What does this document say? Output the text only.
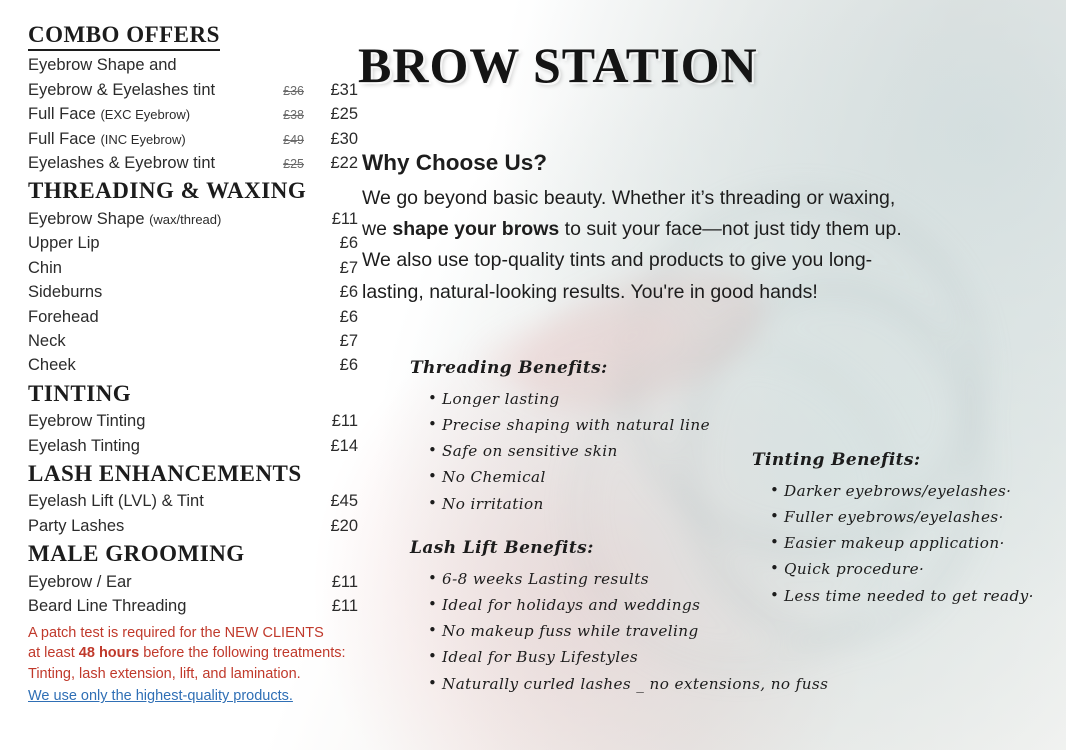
COMBO OFFERS
Eyebrow Shape and
Eyebrow & Eyelashes tint	£36	£31
Full Face (EXC Eyebrow)	£38	£25
Full Face (INC Eyebrow)	£49	£30
Eyelashes & Eyebrow tint	£25	£22
THREADING & WAXING
Eyebrow Shape (wax/thread)	£11
Upper Lip	£6
Chin	£7
Sideburns	£6
Forehead	£6
Neck	£7
Cheek	£6
TINTING
Eyebrow Tinting	£11
Eyelash Tinting	£14
LASH ENHANCEMENTS
Eyelash Lift (LVL) & Tint	£45
Party Lashes	£20
MALE GROOMING
Eyebrow / Ear	£11
Beard Line Threading	£11
A patch test is required for the NEW CLIENTS
at least 48 hours before the following treatments:
Tinting, lash extension, lift, and lamination.
We use only the highest-quality products.
BROW STATION
Why Choose Us?
We go beyond basic beauty. Whether it’s threading or waxing,
we shape your brows to suit your face—not just tidy them up.
We also use top-quality tints and products to give you long-
lasting, natural-looking results. You're in good hands!
Threading Benefits:
• Longer lasting
• Precise shaping with natural line
• Safe on sensitive skin
• No Chemical
• No irritation
Lash Lift Benefits:
• 6-8 weeks Lasting results
• Ideal for holidays and weddings
• No makeup fuss while traveling
• Ideal for Busy Lifestyles
• Naturally curled lashes _ no extensions, no fuss
Tinting Benefits:
• Darker eyebrows/eyelashes·
• Fuller eyebrows/eyelashes·
• Easier makeup application·
• Quick procedure·
• Less time needed to get ready·
